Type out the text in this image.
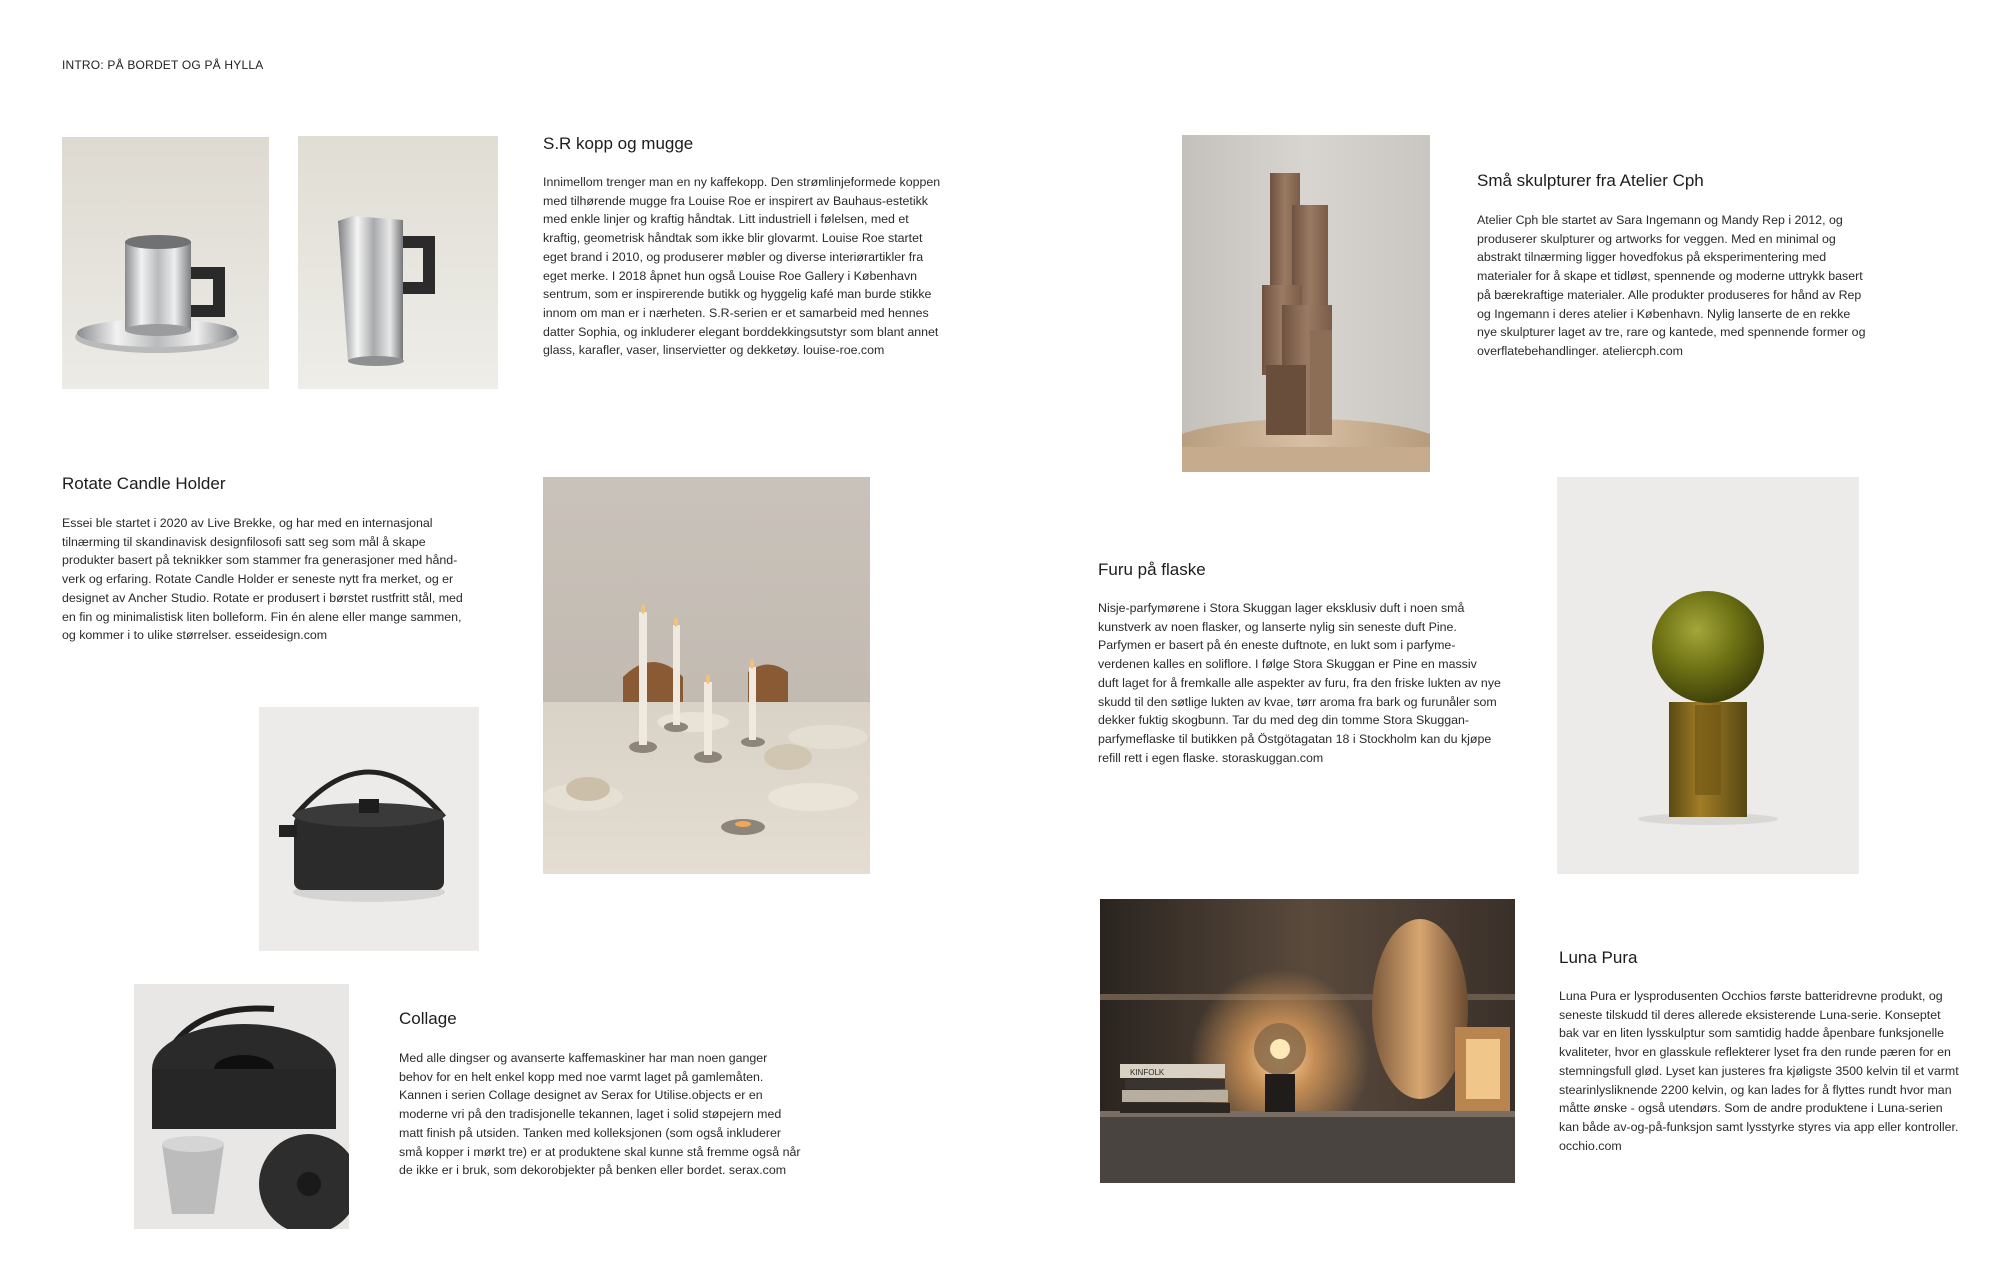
INTRO: PÅ BORDET OG PÅ HYLLA
KINFOLK
S.R kopp og mugge
Innimellom trenger man en ny kaffekopp. Den strømlinjeformede koppen
med tilhørende mugge fra Louise Roe er inspirert av Bauhaus-estetikk
med enkle linjer og kraftig håndtak. Litt industriell i følelsen, med et
kraftig, geometrisk håndtak som ikke blir glovarmt. Louise Roe startet
eget brand i 2010, og produserer møbler og diverse interiørartikler fra
eget merke. I 2018 åpnet hun også Louise Roe Gallery i København
sentrum, som er inspirerende butikk og hyggelig kafé man burde stikke
innom om man er i nærheten. S.R-serien er et samarbeid med hennes
datter Sophia, og inkluderer elegant borddekkingsutstyr som blant annet
glass, karafler, vaser, linservietter og dekketøy. louise-roe.com
Små skulpturer fra Atelier Cph
Atelier Cph ble startet av Sara Ingemann og Mandy Rep i 2012, og
produserer skulpturer og artworks for veggen. Med en minimal og
abstrakt tilnærming ligger hovedfokus på eksperimentering med
materialer for å skape et tidløst, spennende og moderne uttrykk basert
på bærekraftige materialer. Alle produkter produseres for hånd av Rep
og Ingemann i deres atelier i København. Nylig lanserte de en rekke
nye skulpturer laget av tre, rare og kantede, med spennende former og
overflatebehandlinger. ateliercph.com
Rotate Candle Holder
Essei ble startet i 2020 av Live Brekke, og har med en internasjonal
tilnærming til skandinavisk designfilosofi satt seg som mål å skape
produkter basert på teknikker som stammer fra generasjoner med hånd-
verk og erfaring. Rotate Candle Holder er seneste nytt fra merket, og er
designet av Ancher Studio. Rotate er produsert i børstet rustfritt stål, med
en fin og minimalistisk liten bolleform. Fin én alene eller mange sammen,
og kommer i to ulike størrelser. esseidesign.com
Furu på flaske
Nisje-parfymørene i Stora Skuggan lager eksklusiv duft i noen små
kunstverk av noen flasker, og lanserte nylig sin seneste duft Pine.
Parfymen er basert på én eneste duftnote, en lukt som i parfyme-
verdenen kalles en soliflore. I følge Stora Skuggan er Pine en massiv
duft laget for å fremkalle alle aspekter av furu, fra den friske lukten av nye
skudd til den søtlige lukten av kvae, tørr aroma fra bark og furunåler som
dekker fuktig skogbunn. Tar du med deg din tomme Stora Skuggan-
parfymeflaske til butikken på Östgötagatan 18 i Stockholm kan du kjøpe
refill rett i egen flaske. storaskuggan.com
Collage
Med alle dingser og avanserte kaffemaskiner har man noen ganger
behov for en helt enkel kopp med noe varmt laget på gamlemåten.
Kannen i serien Collage designet av Serax for Utilise.objects er en
moderne vri på den tradisjonelle tekannen, laget i solid støpejern med
matt finish på utsiden. Tanken med kolleksjonen (som også inkluderer
små kopper i mørkt tre) er at produktene skal kunne stå fremme også når
de ikke er i bruk, som dekorobjekter på benken eller bordet. serax.com
Luna Pura
Luna Pura er lysprodusenten Occhios første batteridrevne produkt, og
seneste tilskudd til deres allerede eksisterende Luna-serie. Konseptet
bak var en liten lysskulptur som samtidig hadde åpenbare funksjonelle
kvaliteter, hvor en glasskule reflekterer lyset fra den runde pæren for en
stemningsfull glød. Lyset kan justeres fra kjøligste 3500 kelvin til et varmt
stearinlysliknende 2200 kelvin, og kan lades for å flyttes rundt hvor man
måtte ønske - også utendørs. Som de andre produktene i Luna-serien
kan både av-og-på-funksjon samt lysstyrke styres via app eller kontroller.
occhio.com
